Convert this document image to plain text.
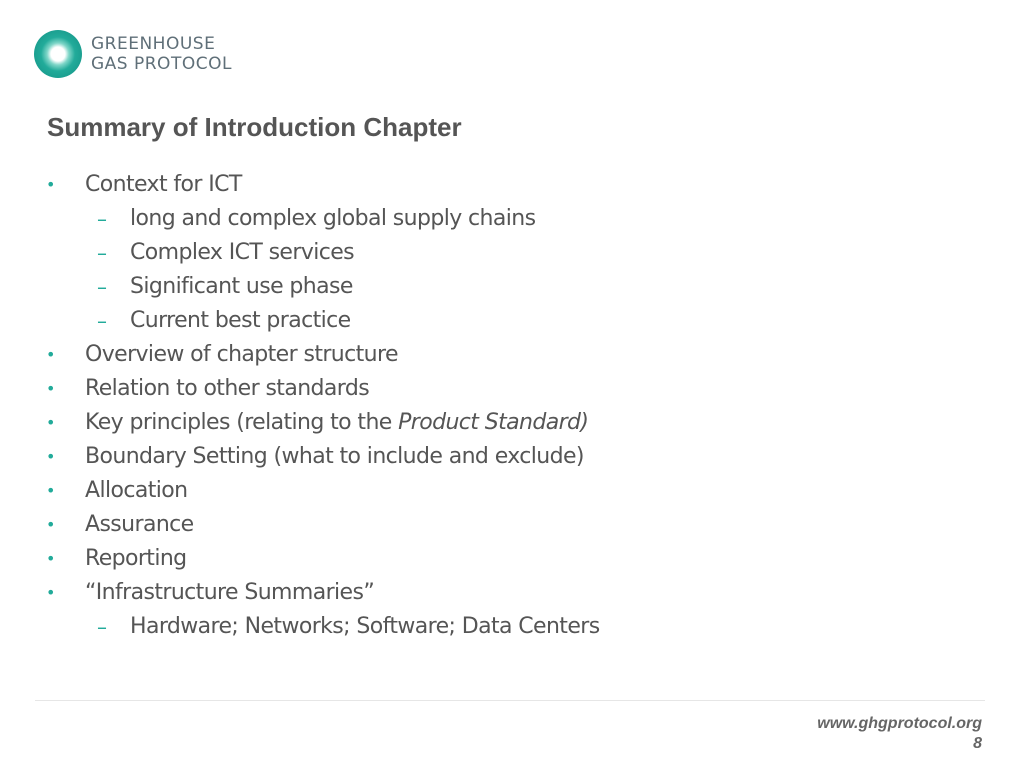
GREENHOUSE
GAS PROTOCOL
Summary of Introduction Chapter
• Context for ICT
– long and complex global supply chains
– Complex ICT services
– Significant use phase
– Current best practice
• Overview of chapter structure
• Relation to other standards
• Key principles (relating to the Product Standard)
• Boundary Setting (what to include and exclude)
• Allocation
• Assurance
• Reporting
• “Infrastructure Summaries”
– Hardware; Networks; Software; Data Centers
www.ghgprotocol.org
8
